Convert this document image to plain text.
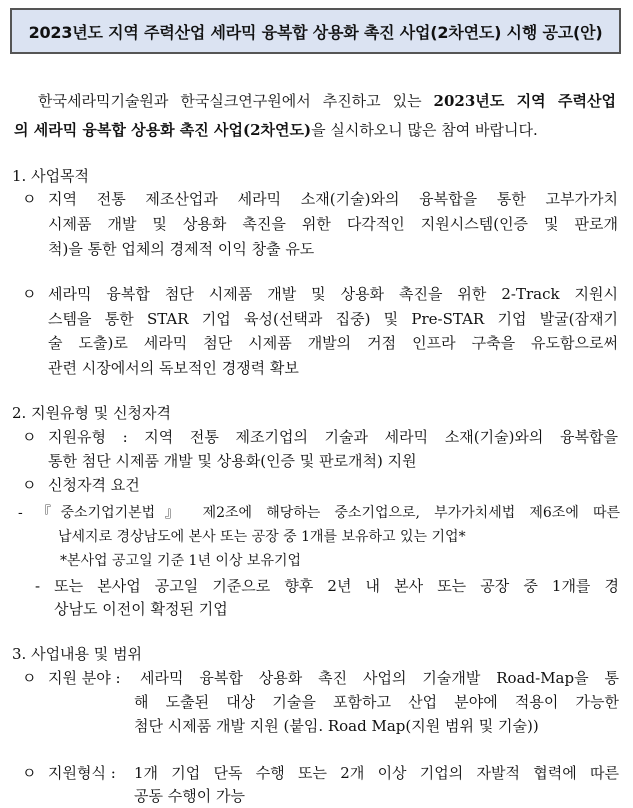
2023년도 지역 주력산업 세라믹 융복합 상용화 촉진 사업(2차연도) 시행 공고(안)
한국세라믹기술원과 한국실크연구원에서 추진하고 있는 2023년도 지역 주력산업
의 세라믹 융복합 상용화 촉진 사업(2차연도)을 실시하오니 많은 참여 바랍니다.
1. 사업목적
ㅇ 지역 전통 제조산업과 세라믹 소재(기술)와의 융복합을 통한 고부가가치
시제품 개발 및 상용화 촉진을 위한 다각적인 지원시스템(인증 및 판로개
척)을 통한 업체의 경제적 이익 창출 유도
ㅇ 세라믹 융복합 첨단 시제품 개발 및 상용화 촉진을 위한 2-Track 지원시
스템을 통한 STAR 기업 육성(선택과 집중) 및 Pre-STAR 기업 발굴(잠재기
술 도출)로 세라믹 첨단 시제품 개발의 거점 인프라 구축을 유도함으로써
관련 시장에서의 독보적인 경쟁력 확보
2. 지원유형 및 신청자격
ㅇ 지원유형 : 지역 전통 제조기업의 기술과 세라믹 소재(기술)와의 융복합을
통한 첨단 시제품 개발 및 상용화(인증 및 판로개척) 지원
ㅇ 신청자격 요건
- 『중소기업기본법』 제2조에 해당하는 중소기업으로, 부가가치세법 제6조에 따른
납세지로 경상남도에 본사 또는 공장 중 1개를 보유하고 있는 기업*
*본사업 공고일 기준 1년 이상 보유기업
- 또는 본사업 공고일 기준으로 향후 2년 내 본사 또는 공장 중 1개를 경
상남도 이전이 확정된 기업
3. 사업내용 및 범위
ㅇ 지원 분야 : 세라믹 융복합 상용화 촉진 사업의 기술개발 Road-Map을 통
해 도출된 대상 기술을 포함하고 산업 분야에 적용이 가능한
첨단 시제품 개발 지원 (붙임. Road Map(지원 범위 및 기술))
ㅇ 지원형식 : 1개 기업 단독 수행 또는 2개 이상 기업의 자발적 협력에 따른
공동 수행이 가능
